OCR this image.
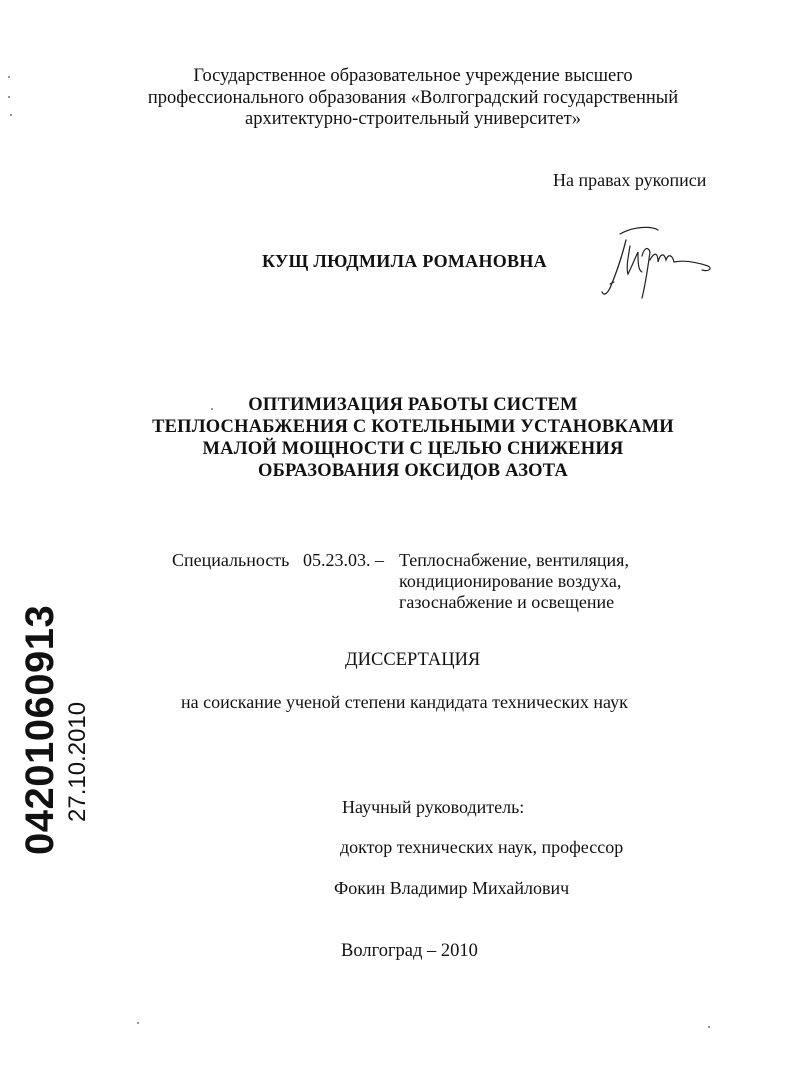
Государственное образовательное учреждение высшего
профессионального образования «Волгоградский государственный
архитектурно-строительный университет»
На правах рукописи
КУЩ ЛЮДМИЛА РОМАНОВНА
ОПТИМИЗАЦИЯ РАБОТЫ СИСТЕМ
ТЕПЛОСНАБЖЕНИЯ С КОТЕЛЬНЫМИ УСТАНОВКАМИ
МАЛОЙ МОЩНОСТИ С ЦЕЛЬЮ СНИЖЕНИЯ
ОБРАЗОВАНИЯ ОКСИДОВ АЗОТА
Специальность 05.23.03. – Теплоснабжение, вентиляция,
кондиционирование воздуха,
газоснабжение и освещение
ДИССЕРТАЦИЯ
на соискание ученой степени кандидата технических наук
Научный руководитель:
доктор технических наук, профессор
Фокин Владимир Михайлович
Волгоград – 2010
04201060913 27.10.2010
